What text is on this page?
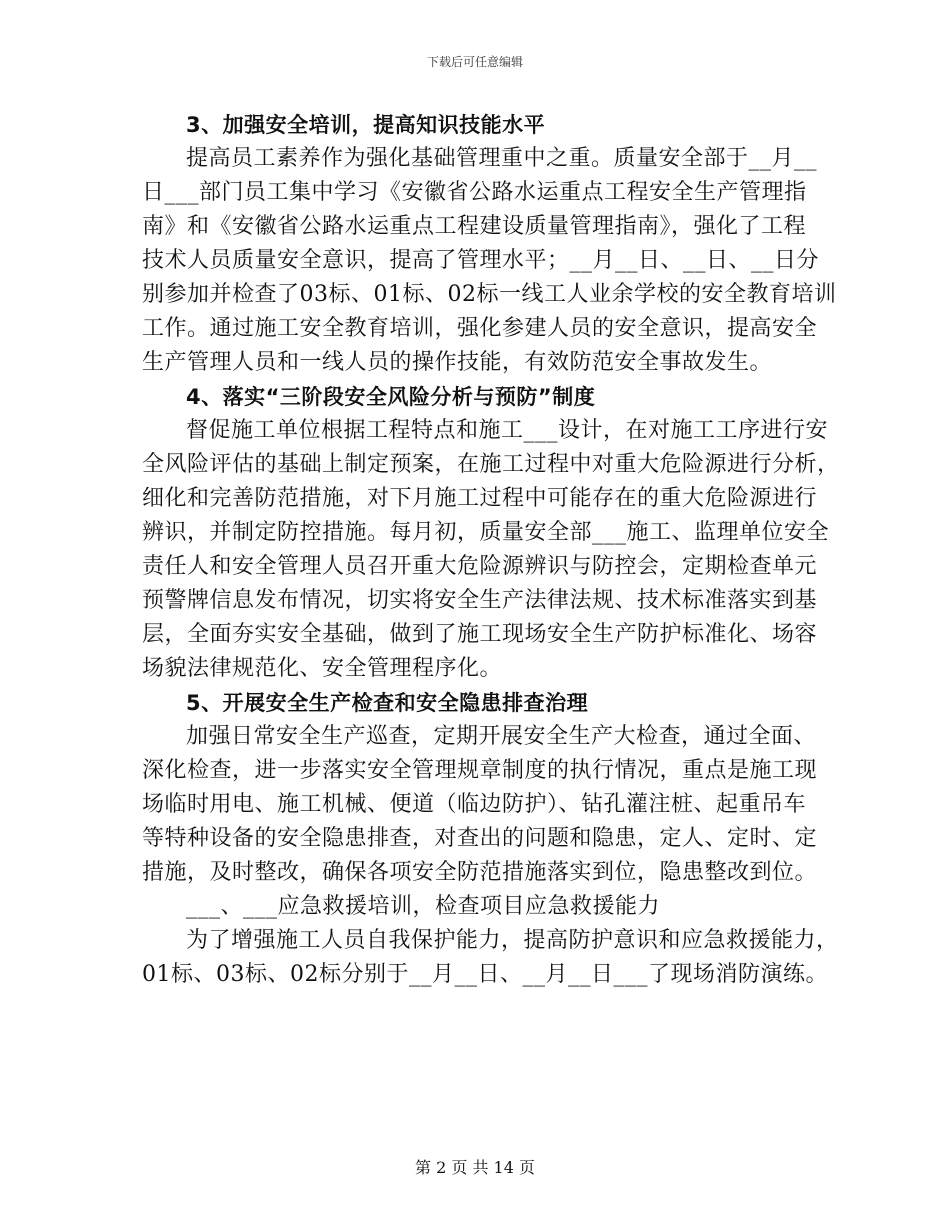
下载后可任意编辑
3、加强安全培训，提高知识技能水平
提高员工素养作为强化基础管理重中之重。质量安全部于__月__
日___部门员工集中学习《安徽省公路水运重点工程安全生产管理指
南》和《安徽省公路水运重点工程建设质量管理指南》，强化了工程
技术人员质量安全意识，提高了管理水平；__月__日、__日、__日分
别参加并检查了03标、01标、02标一线工人业余学校的安全教育培训
工作。通过施工安全教育培训，强化参建人员的安全意识，提高安全
生产管理人员和一线人员的操作技能，有效防范安全事故发生。
4、落实“三阶段安全风险分析与预防”制度
督促施工单位根据工程特点和施工___设计，在对施工工序进行安
全风险评估的基础上制定预案，在施工过程中对重大危险源进行分析，
细化和完善防范措施，对下月施工过程中可能存在的重大危险源进行
辨识，并制定防控措施。每月初，质量安全部___施工、监理单位安全
责任人和安全管理人员召开重大危险源辨识与防控会，定期检查单元
预警牌信息发布情况，切实将安全生产法律法规、技术标准落实到基
层，全面夯实安全基础，做到了施工现场安全生产防护标准化、场容
场貌法律规范化、安全管理程序化。
5、开展安全生产检查和安全隐患排查治理
加强日常安全生产巡查，定期开展安全生产大检查，通过全面、
深化检查，进一步落实安全管理规章制度的执行情况，重点是施工现
场临时用电、施工机械、便道（临边防护）、钻孔灌注桩、起重吊车
等特种设备的安全隐患排查，对查出的问题和隐患，定人、定时、定
措施，及时整改，确保各项安全防范措施落实到位，隐患整改到位。
___、___应急救援培训，检查项目应急救援能力
为了增强施工人员自我保护能力，提高防护意识和应急救援能力，
01标、03标、02标分别于__月__日、__月__日___了现场消防演练。
第 2 页 共 14 页
